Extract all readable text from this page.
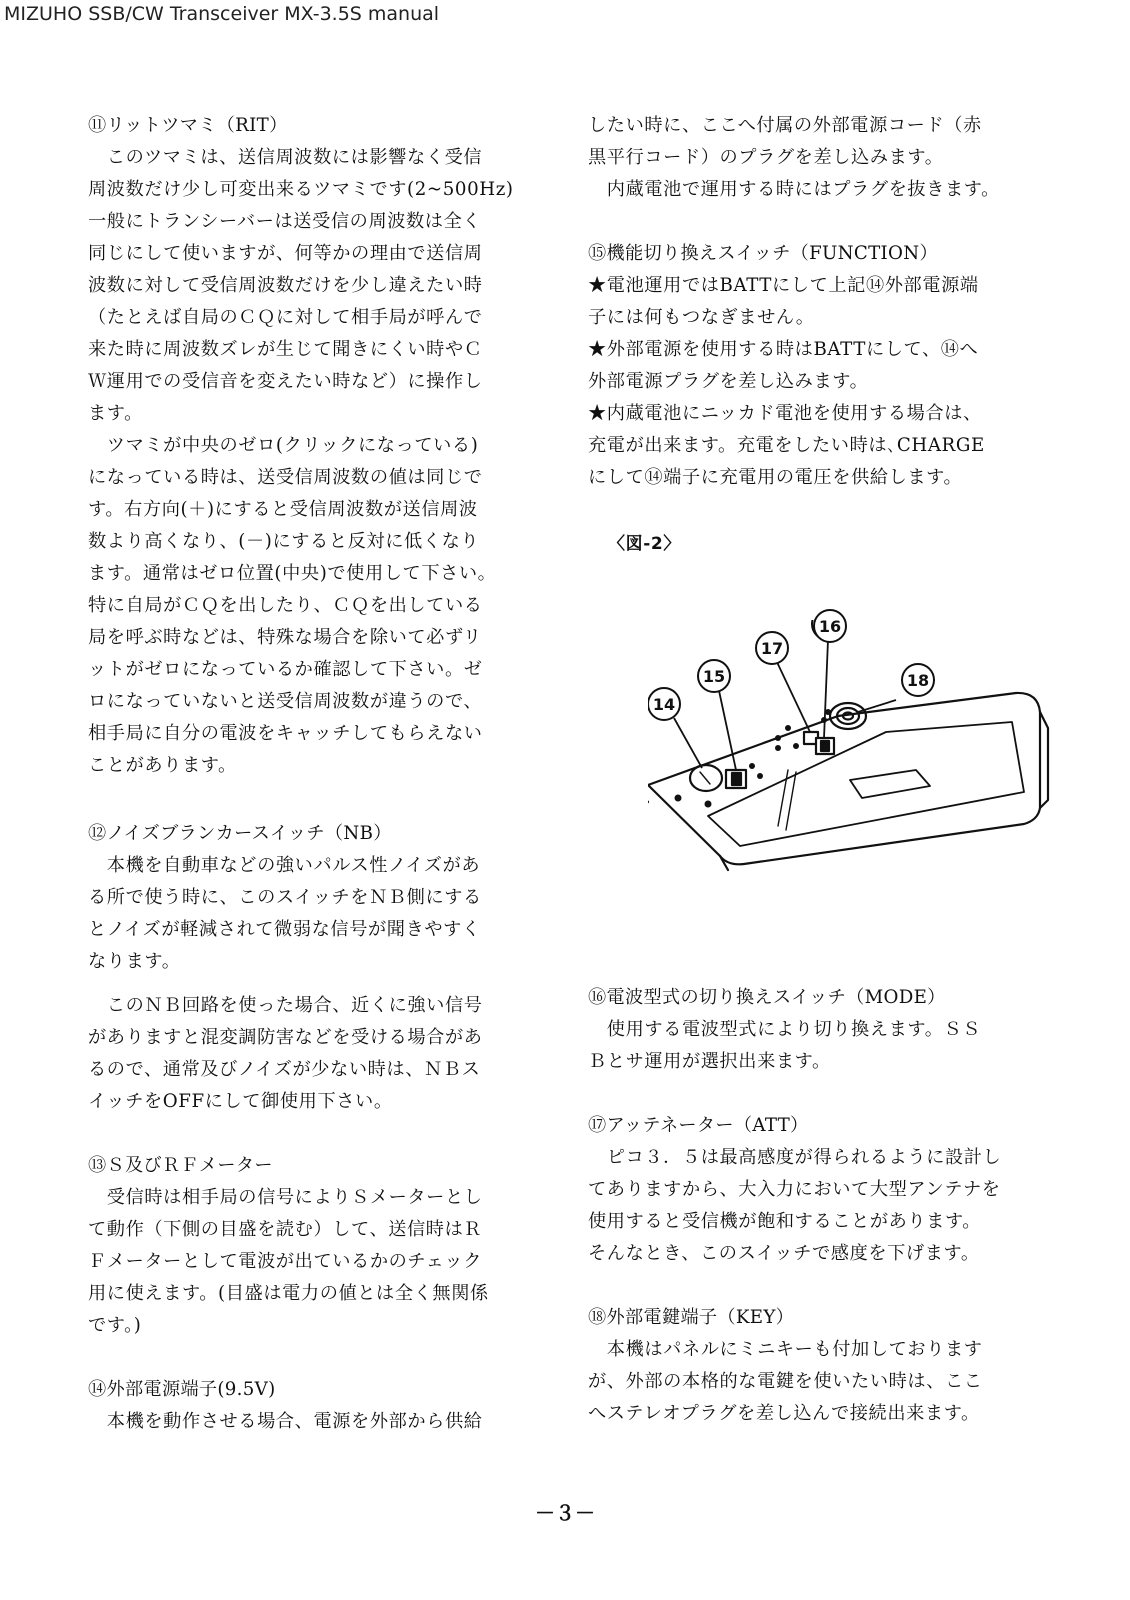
MIZUHO SSB/CW Transceiver MX-3.5S manual

⑪リットツマミ（RIT）

　このツマミは、送信周波数には影響なく受信

周波数だけ少し可変出来るツマミです(2~500Hz)

一般にトランシーバーは送受信の周波数は全く

同じにして使いますが、何等かの理由で送信周

波数に対して受信周波数だけを少し違えたい時

（たとえば自局のＣＱに対して相手局が呼んで

来た時に周波数ズレが生じて聞きにくい時やＣ

Ｗ運用での受信音を変えたい時など）に操作し

ます。

　ツマミが中央のゼロ(クリックになっている)

になっている時は、送受信周波数の値は同じで

す。右方向(＋)にすると受信周波数が送信周波

数より高くなり、(－)にすると反対に低くなり

ます。通常はゼロ位置(中央)で使用して下さい。

特に自局がＣＱを出したり、ＣＱを出している

局を呼ぶ時などは、特殊な場合を除いて必ずリ

ットがゼロになっているか確認して下さい。ゼ

ロになっていないと送受信周波数が違うので、

相手局に自分の電波をキャッチしてもらえない

ことがあります。

⑫ノイズブランカースイッチ（NB）

　本機を自動車などの強いパルス性ノイズがあ

る所で使う時に、このスイッチをＮＢ側にする

とノイズが軽減されて微弱な信号が聞きやすく

なります。

　このＮＢ回路を使った場合、近くに強い信号

がありますと混変調防害などを受ける場合があ

るので、通常及びノイズが少ない時は、ＮＢス

イッチをOFFにして御使用下さい。

⑬Ｓ及びＲＦメーター

　受信時は相手局の信号によりＳメーターとし

て動作（下側の目盛を読む）して、送信時はＲ

Ｆメーターとして電波が出ているかのチェック

用に使えます。(目盛は電力の値とは全く無関係

です。)

⑭外部電源端子(9.5V)

　本機を動作させる場合、電源を外部から供給

したい時に、ここへ付属の外部電源コード（赤

黒平行コード）のプラグを差し込みます。

　内蔵電池で運用する時にはプラグを抜きます。

⑮機能切り換えスイッチ（FUNCTION）

★電池運用ではBATTにして上記⑭外部電源端

子には何もつなぎません。

★外部電源を使用する時はBATTにして、⑭へ

外部電源プラグを差し込みます。

★内蔵電池にニッカド電池を使用する場合は、

充電が出来ます。充電をしたい時は､CHARGE

にして⑭端子に充電用の電圧を供給します。

〈図-2〉

⑯電波型式の切り換えスイッチ（MODE）

　使用する電波型式により切り換えます。ＳＳ

Ｂとサ運用が選択出来ます。

⑰アッテネーター（ATT）

　ピコ３．５は最高感度が得られるように設計し

てありますから、大入力において大型アンテナを

使用すると受信機が飽和することがあります。

そんなとき、このスイッチで感度を下げます。

⑱外部電鍵端子（KEY）

　本機はパネルにミニキーも付加しております

が、外部の本格的な電鍵を使いたい時は、ここ

へステレオプラグを差し込んで接続出来ます。

14
15
17
18
16
－３－
